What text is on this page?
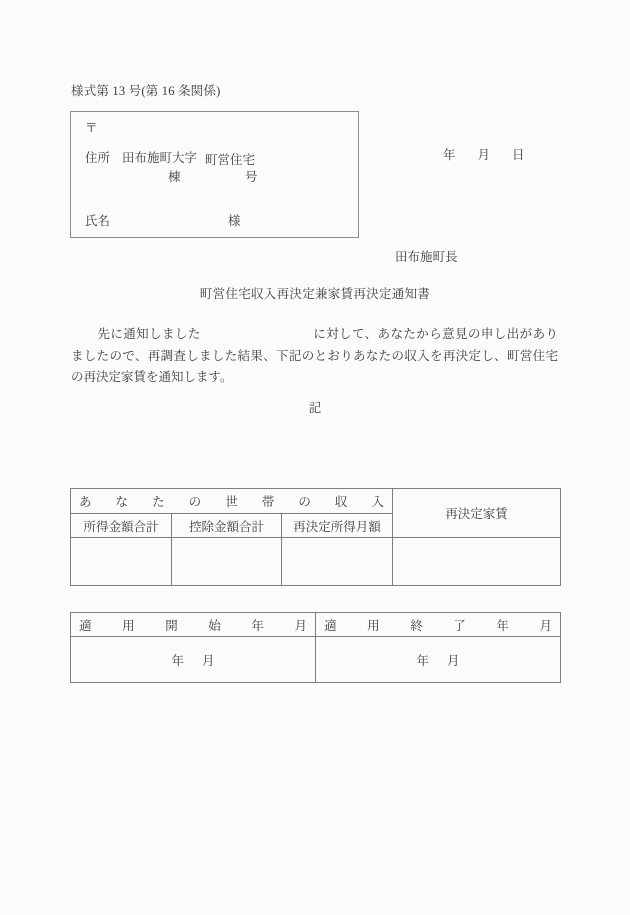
様式第 13 号(第 16 条関係)
〒
住所 田布施町大字 町営住宅
棟	号
氏名	様
年 月 日
田布施町長
町営住宅収入再決定兼家賃再決定通知書
先に通知しました	に対して、あなたから意見の申し出がありましたので、再調査しました結果、下記のとおりあなたの収入を再決定し、町営住宅の再決定家賃を通知します。
記
あなたの世帯の収入			再決定家賃
所得金額合計	控除金額合計	再決定所得月額	

適用開始年月	適用終了年月

年 月	年 月
